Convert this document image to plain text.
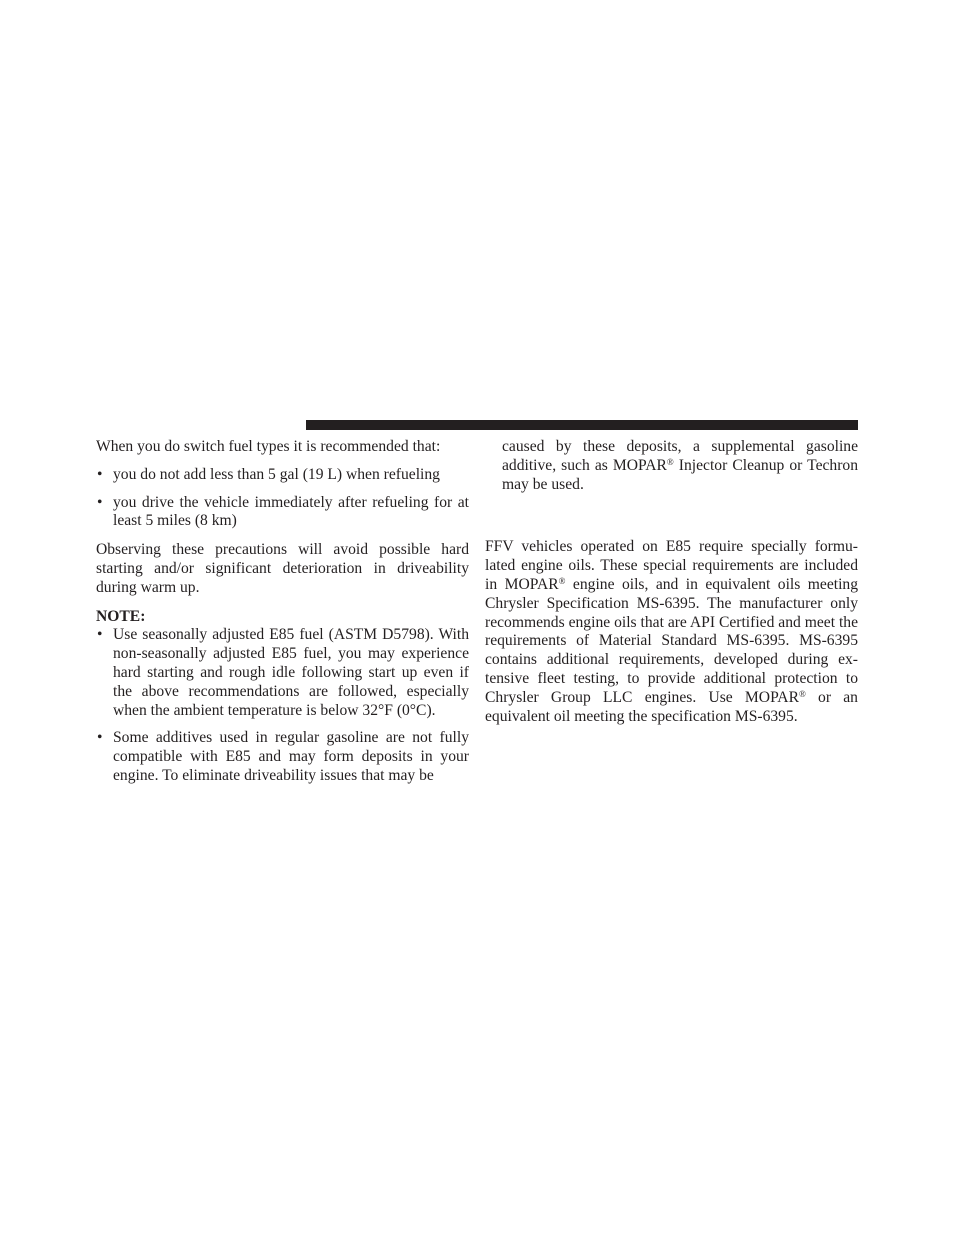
When you do switch fuel types it is recommended that:

• you do not add less than 5 gal (19 L) when refueling

• you drive the vehicle immediately after refueling for at least 5 miles (8 km)

Observing these precautions will avoid possible hard starting and/or significant deterioration in driveability during warm up.

NOTE:

• Use seasonally adjusted E85 fuel (ASTM D5798). With non-seasonally adjusted E85 fuel, you may experience hard starting and rough idle following start up even if the above recommendations are followed, especially when the ambient temperature is below 32°F (0°C).

• Some additives used in regular gasoline are not fully compatible with E85 and may form deposits in your engine. To eliminate driveability issues that may be

caused by these deposits, a supplemental gasoline additive, such as MOPAR® Injector Cleanup or Techron may be used.

FFV vehicles operated on E85 require specially formu-lated engine oils. These special requirements are included in MOPAR® engine oils, and in equivalent oils meeting Chrysler Specification MS-6395. The manufacturer only recommends engine oils that are API Certified and meet the requirements of Material Standard MS-6395. MS-6395 contains additional requirements, developed during ex-tensive fleet testing, to provide additional protection to Chrysler Group LLC engines. Use MOPAR® or an equivalent oil meeting the specification MS-6395.
